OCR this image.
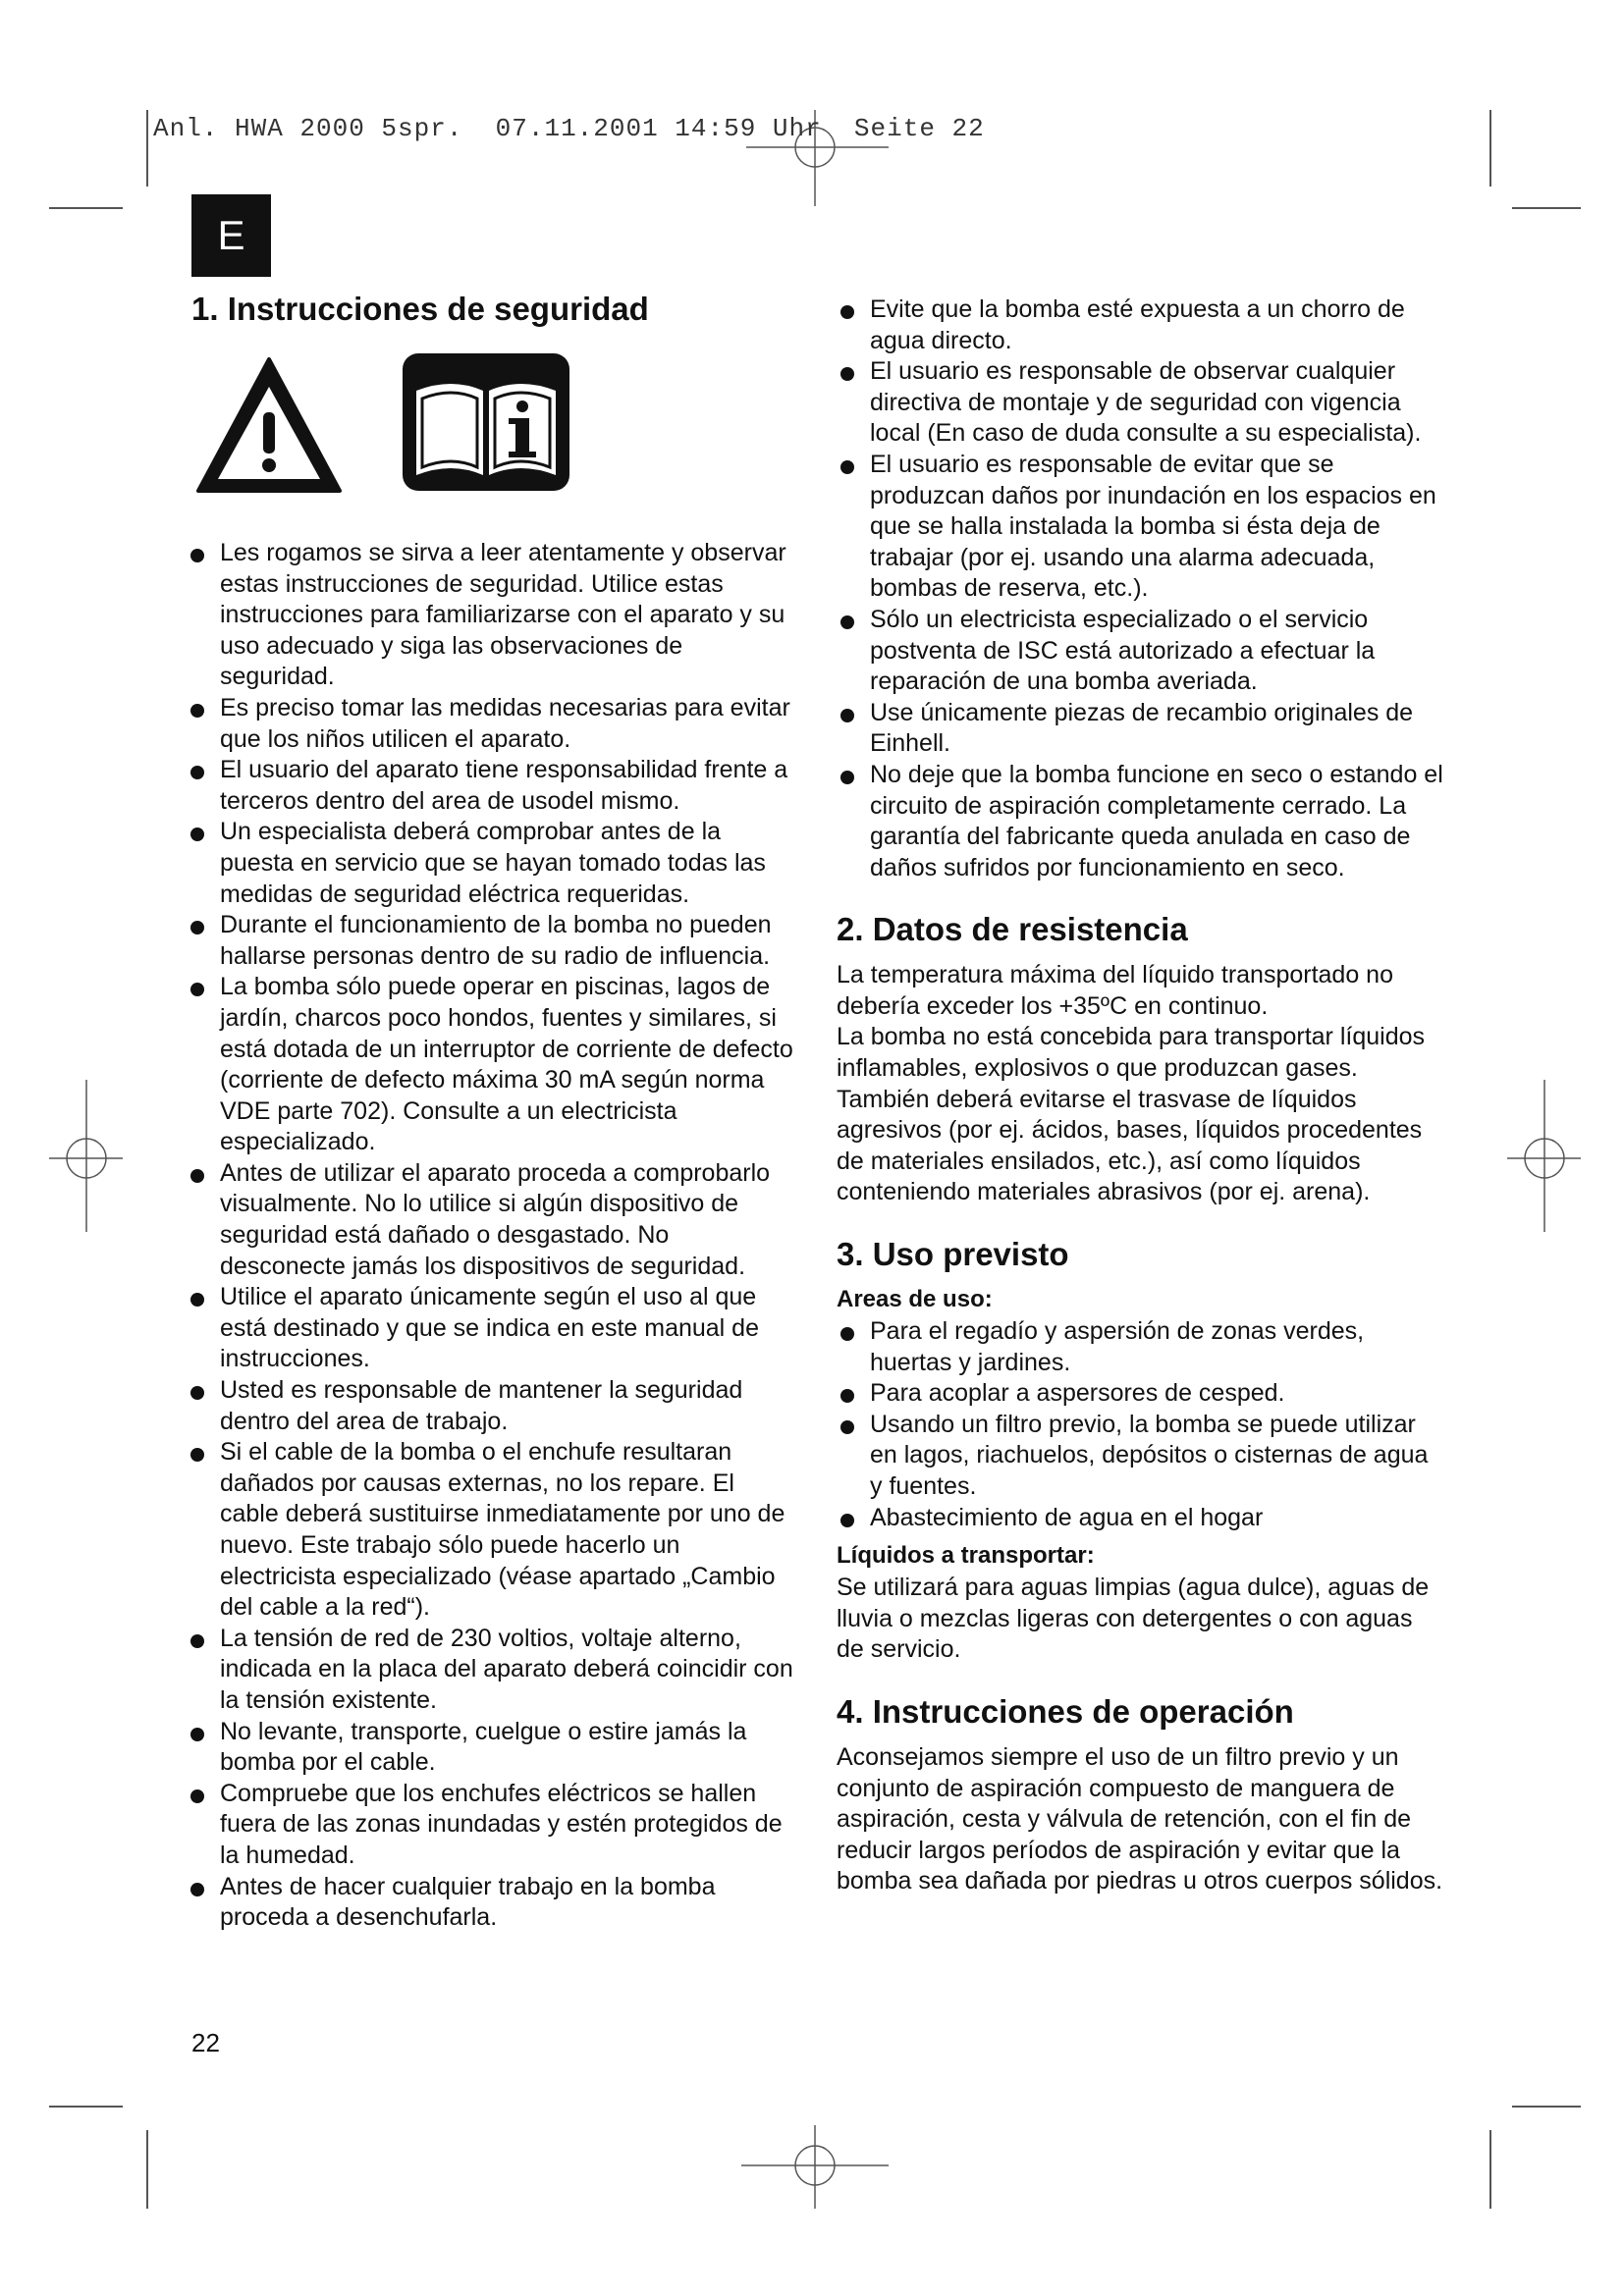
Anl. HWA 2000 5spr.  07.11.2001 14:59 Uhr  Seite 22
E
1. Instrucciones de seguridad
Les rogamos se sirva a leer atentamente y observar estas instrucciones de seguridad. Utilice estas instrucciones para familiarizarse con el aparato y su uso adecuado y siga las observaciones de seguridad.
Es preciso tomar las medidas necesarias para evitar que los niños utilicen el aparato.
El usuario del aparato tiene responsabilidad frente a terceros dentro del area de usodel mismo.
Un especialista deberá comprobar antes de la puesta en servicio que se hayan tomado todas las medidas de seguridad eléctrica requeridas.
Durante el funcionamiento de la bomba no pueden hallarse personas dentro de su radio de influencia.
La bomba sólo puede operar en piscinas, lagos de jardín, charcos poco hondos, fuentes y similares, si está dotada de un interruptor de corriente de defecto (corriente de defecto máxima 30 mA según norma VDE parte 702). Consulte a un electricista especializado.
Antes de utilizar el aparato proceda a comprobarlo visualmente. No lo utilice si algún dispositivo de seguridad está dañado o desgastado. No desconecte jamás los dispositivos de seguridad.
Utilice el aparato únicamente según el uso al que está destinado y que se indica en este manual de instrucciones.
Usted es responsable de mantener la seguridad dentro del area de trabajo.
Si el cable de la bomba o el enchufe resultaran dañados por causas externas, no los repare. El cable deberá sustituirse inmediatamente por uno de nuevo. Este trabajo sólo puede hacerlo un electricista especializado (véase apartado „Cambio del cable a la red“).
La tensión de red de 230 voltios, voltaje alterno, indicada en la placa del aparato deberá coincidir con la tensión existente.
No levante, transporte, cuelgue o estire jamás la bomba por el cable.
Compruebe que los enchufes eléctricos se hallen fuera de las zonas inundadas y estén protegidos de la humedad.
Antes de hacer cualquier trabajo en la bomba proceda a desenchufarla.
Evite que la bomba esté expuesta a un chorro de agua directo.
El usuario es responsable de observar cualquier directiva de montaje y de seguridad con vigencia local (En caso de duda consulte a su especialista).
El usuario es responsable de evitar que se produzcan daños por inundación en los espacios en que se halla instalada la bomba si ésta deja de trabajar (por ej. usando una alarma adecuada, bombas de reserva, etc.).
Sólo un electricista especializado o el servicio postventa de ISC está autorizado a efectuar la reparación de una bomba averiada.
Use únicamente piezas de recambio originales de Einhell.
No deje que la bomba funcione en seco o estando el circuito de aspiración completamente cerrado. La garantía del fabricante queda anulada en caso de daños sufridos por funcionamiento en seco.
2. Datos de resistencia

La temperatura máxima del líquido transportado no debería exceder los +35ºC en continuo.

La bomba no está concebida para transportar líquidos inflamables, explosivos o que produzcan gases.

También deberá evitarse el trasvase de líquidos agresivos (por ej. ácidos, bases, líquidos procedentes de materiales ensilados, etc.), así como líquidos conteniendo materiales abrasivos (por ej. arena).

3. Uso previsto
Areas de uso:
Para el regadío y aspersión de zonas verdes, huertas y jardines.
Para acoplar a aspersores de cesped.
Usando un filtro previo, la bomba se puede utilizar en lagos, riachuelos, depósitos o cisternas de agua y fuentes.
Abastecimiento de agua en el hogar
Líquidos a transportar:

Se utilizará para aguas limpias (agua dulce), aguas de lluvia o mezclas ligeras con detergentes o con aguas de servicio.

4. Instrucciones de operación

Aconsejamos siempre el uso de un filtro previo y un conjunto de aspiración compuesto de manguera de aspiración, cesta y válvula de retención, con el fin de reducir largos períodos de aspiración y evitar que la bomba sea dañada por piedras u otros cuerpos sólidos.

22
